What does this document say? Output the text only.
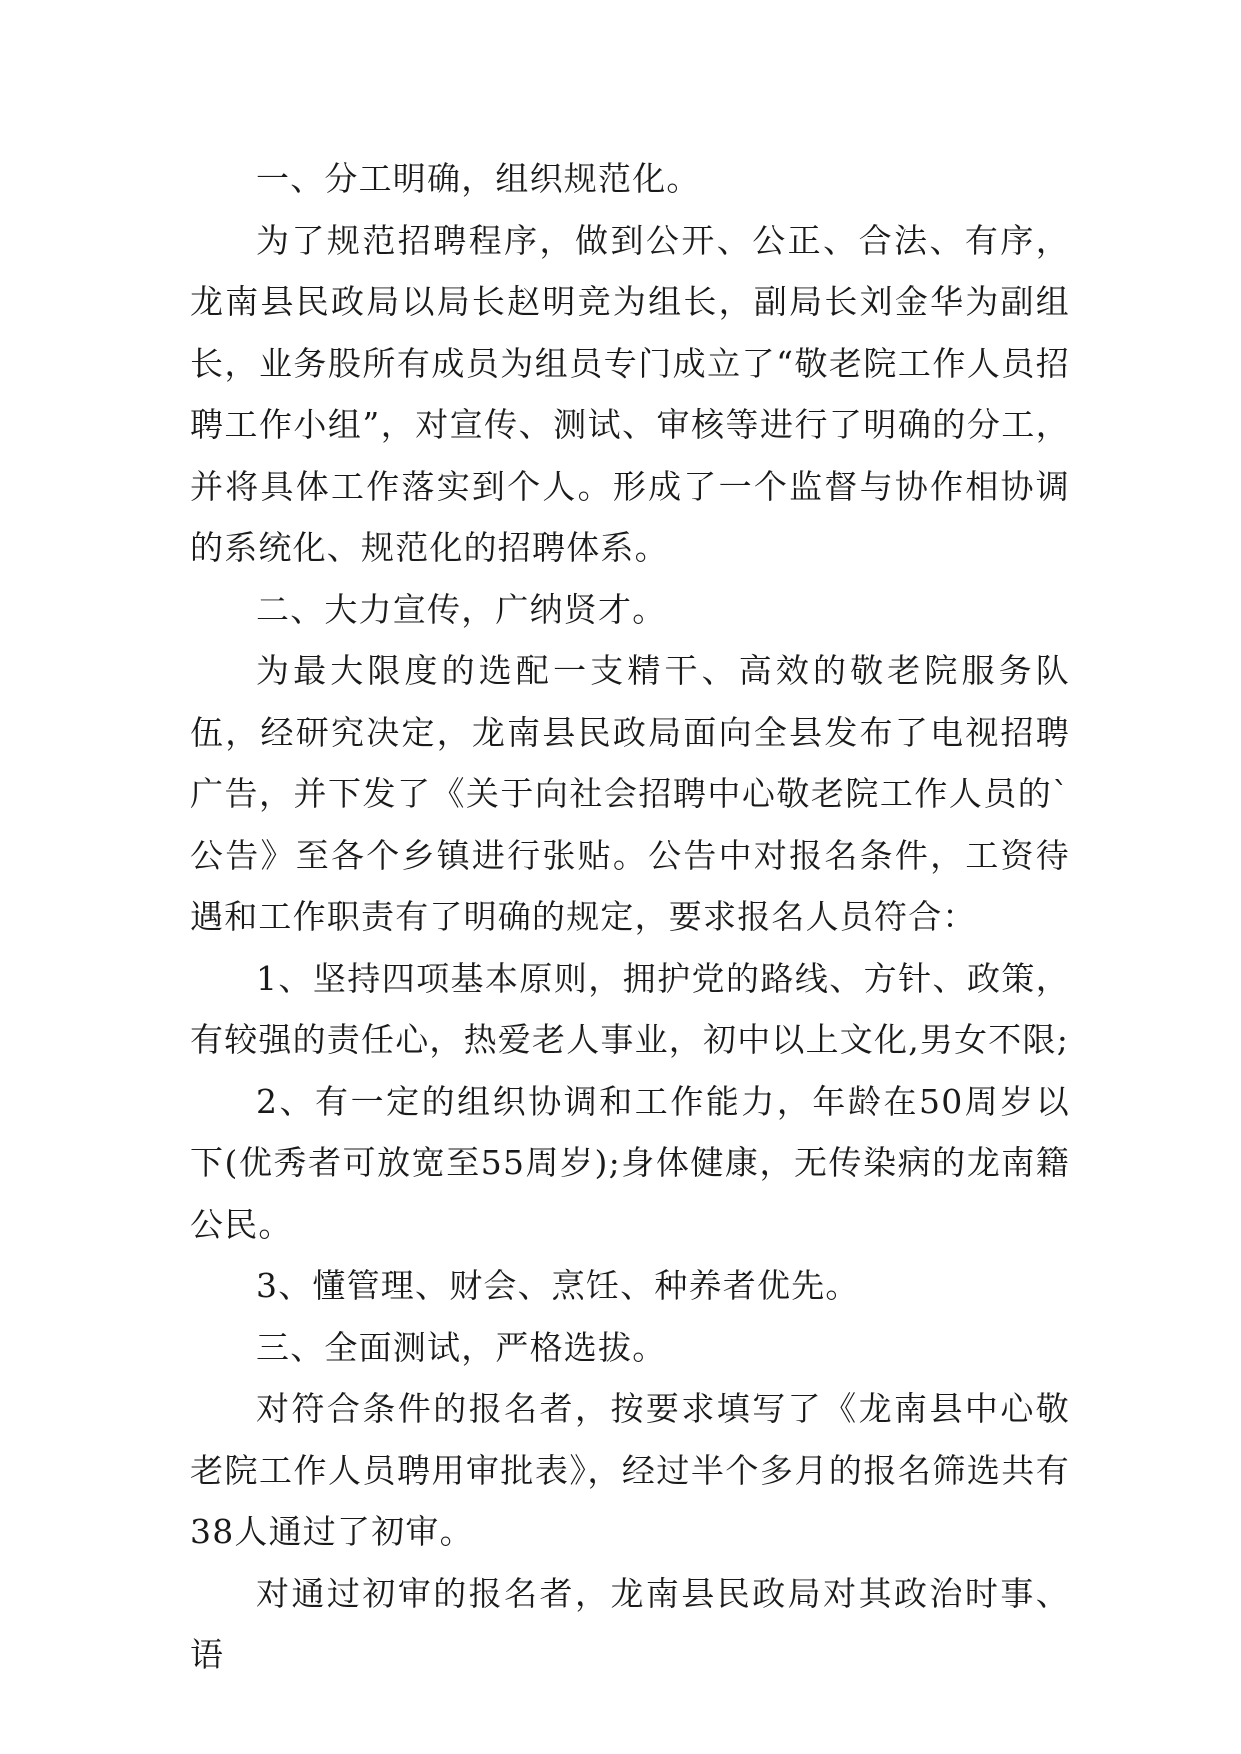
一、分工明确，组织规范化。

为了规范招聘程序，做到公开、公正、合法、有序，龙南县民政局以局长赵明竞为组长，副局长刘金华为副组长，业务股所有成员为组员专门成立了“敬老院工作人员招聘工作小组”，对宣传、测试、审核等进行了明确的分工，并将具体工作落实到个人。形成了一个监督与协作相协调的系统化、规范化的招聘体系。

二、大力宣传，广纳贤才。

为最大限度的选配一支精干、高效的敬老院服务队伍，经研究决定，龙南县民政局面向全县发布了电视招聘广告，并下发了《关于向社会招聘中心敬老院工作人员的`公告》至各个乡镇进行张贴。公告中对报名条件，工资待遇和工作职责有了明确的规定，要求报名人员符合：

1、坚持四项基本原则，拥护党的路线、方针、政策，有较强的责任心，热爱老人事业，初中以上文化,男女不限;

2、有一定的组织协调和工作能力，年龄在50周岁以下(优秀者可放宽至55周岁);身体健康，无传染病的龙南籍公民。

3、懂管理、财会、烹饪、种养者优先。

三、全面测试，严格选拔。

对符合条件的报名者，按要求填写了《龙南县中心敬老院工作人员聘用审批表》，经过半个多月的报名筛选共有38人通过了初审。

对通过初审的报名者，龙南县民政局对其政治时事、语
